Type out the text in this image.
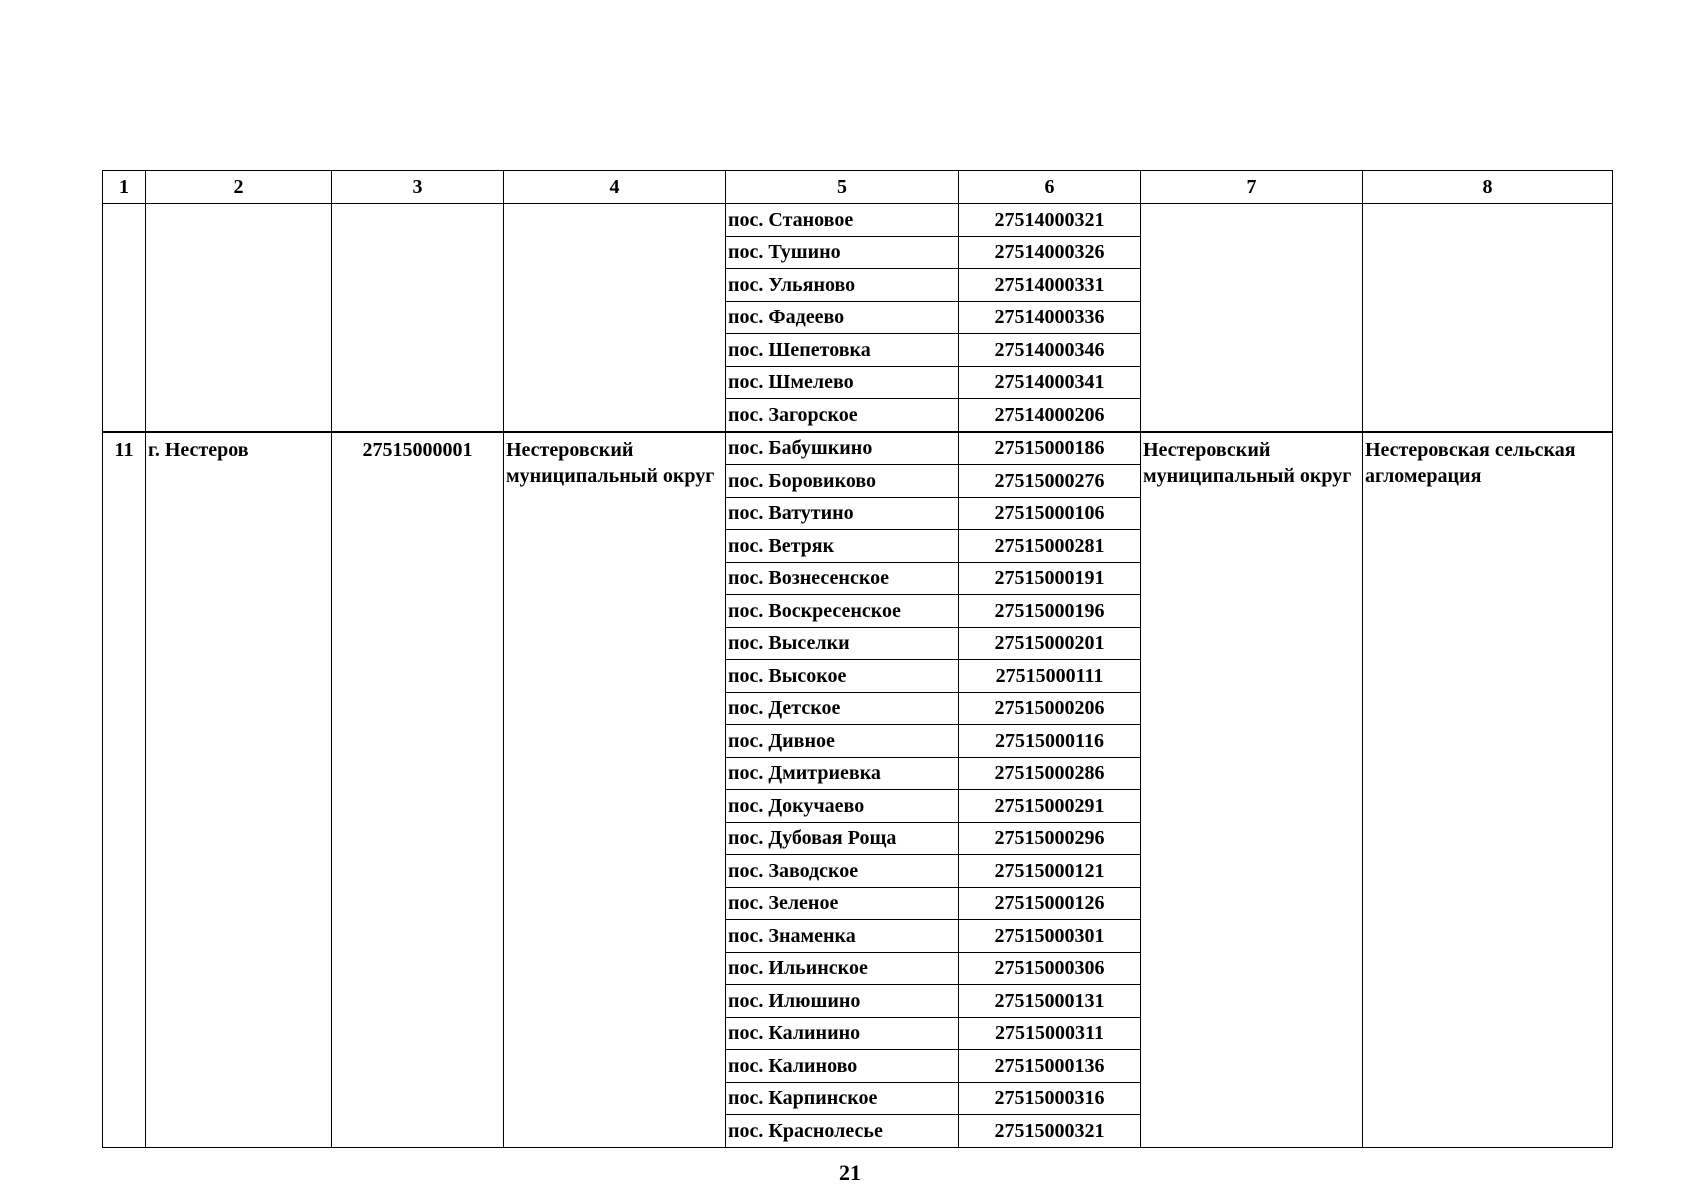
1	2	3	4	5	6	7	8
				пос. Становое	27514000321		
				пос. Тушино	27514000326		
				пос. Ульяново	27514000331		
				пос. Фадеево	27514000336		
				пос. Шепетовка	27514000346		
				пос. Шмелево	27514000341		
				пос. Загорское	27514000206		
11	г. Нестеров	27515000001	Нестеровский муниципальный округ	пос. Бабушкино	27515000186	Нестеровский муниципальный округ	Нестеровская сельская агломерация
				пос. Боровиково	27515000276		
				пос. Ватутино	27515000106		
				пос. Ветряк	27515000281		
				пос. Вознесенское	27515000191		
				пос. Воскресенское	27515000196		
				пос. Выселки	27515000201		
				пос. Высокое	27515000111		
				пос. Детское	27515000206		
				пос. Дивное	27515000116		
				пос. Дмитриевка	27515000286		
				пос. Докучаево	27515000291		
				пос. Дубовая Роща	27515000296		
				пос. Заводское	27515000121		
				пос. Зеленое	27515000126		
				пос. Знаменка	27515000301		
				пос. Ильинское	27515000306		
				пос. Илюшино	27515000131		
				пос. Калинино	27515000311		
				пос. Калиново	27515000136		
				пос. Карпинское	27515000316		
				пос. Краснолесье	27515000321		
21
